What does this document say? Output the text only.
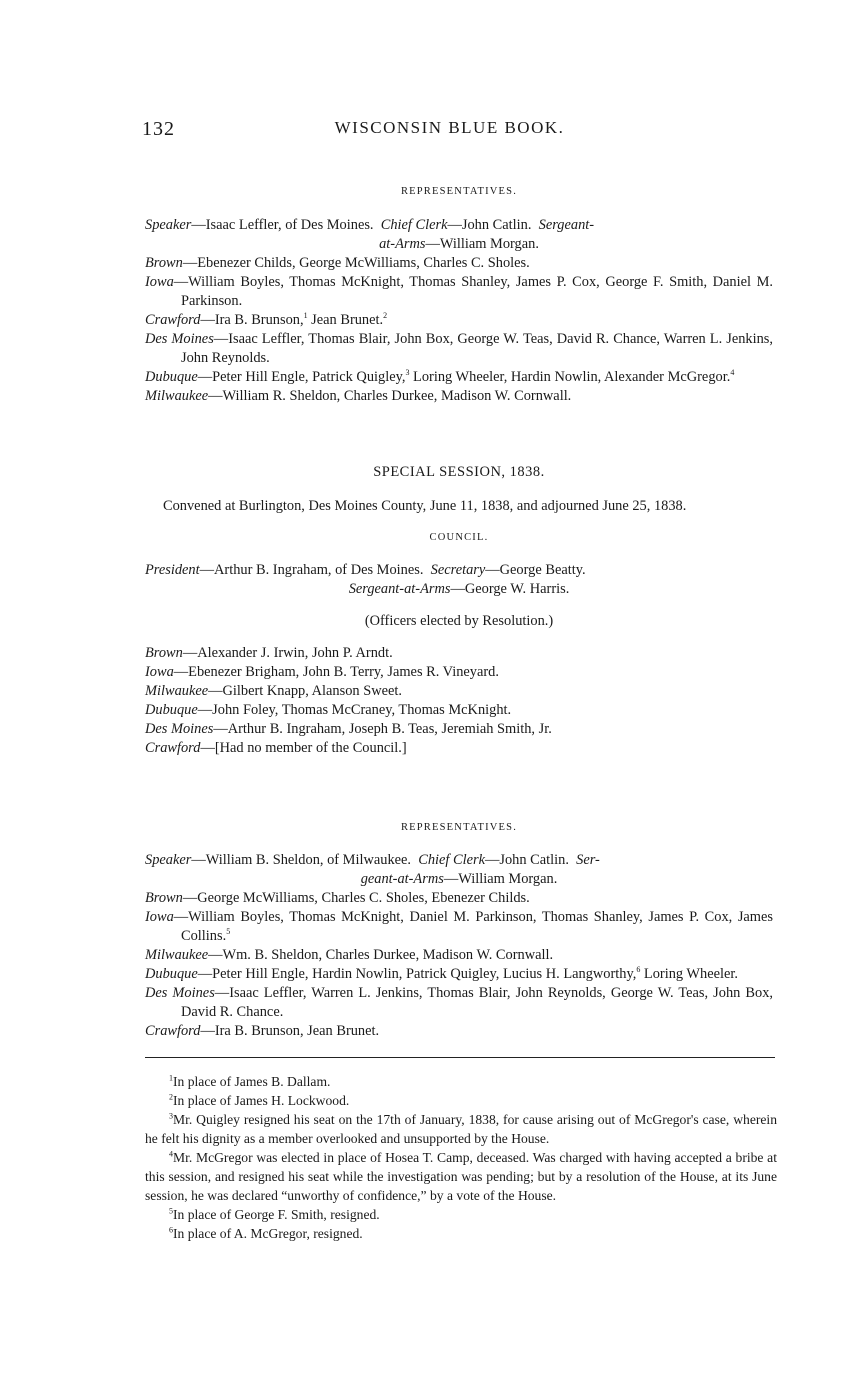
132	WISCONSIN BLUE BOOK.

REPRESENTATIVES.

Speaker—Isaac Leffler, of Des Moines. Chief Clerk—John Catlin. Sergeant-

at-Arms—William Morgan.

Brown—Ebenezer Childs, George McWilliams, Charles C. Sholes.

Iowa—William Boyles, Thomas McKnight, Thomas Shanley, James P. Cox, George F. Smith, Daniel M. Parkinson.

Crawford—Ira B. Brunson,$^1$ Jean Brunet.$^2$

Des Moines—Isaac Leffler, Thomas Blair, John Box, George W. Teas, David R. Chance, Warren L. Jenkins, John Reynolds.

Dubuque—Peter Hill Engle, Patrick Quigley,$^3$ Loring Wheeler, Hardin Nowlin, Alexander McGregor.$^4$

Milwaukee—William R. Sheldon, Charles Durkee, Madison W. Cornwall.

SPECIAL SESSION, 1838.

Convened at Burlington, Des Moines County, June 11, 1838, and adjourned June 25, 1838.

COUNCIL.

President—Arthur B. Ingraham, of Des Moines. Secretary—George Beatty.

Sergeant-at-Arms—George W. Harris.

(Officers elected by Resolution.)

Brown—Alexander J. Irwin, John P. Arndt.

Iowa—Ebenezer Brigham, John B. Terry, James R. Vineyard.

Milwaukee—Gilbert Knapp, Alanson Sweet.

Dubuque—John Foley, Thomas McCraney, Thomas McKnight.

Des Moines—Arthur B. Ingraham, Joseph B. Teas, Jeremiah Smith, Jr.

Crawford—[Had no member of the Council.]

REPRESENTATIVES.

Speaker—William B. Sheldon, of Milwaukee. Chief Clerk—John Catlin. Ser-

geant-at-Arms—William Morgan.

Brown—George McWilliams, Charles C. Sholes, Ebenezer Childs.

Iowa—William Boyles, Thomas McKnight, Daniel M. Parkinson, Thomas Shanley, James P. Cox, James Collins.$^5$

Milwaukee—Wm. B. Sheldon, Charles Durkee, Madison W. Cornwall.

Dubuque—Peter Hill Engle, Hardin Nowlin, Patrick Quigley, Lucius H. Langworthy,$^6$ Loring Wheeler.

Des Moines—Isaac Leffler, Warren L. Jenkins, Thomas Blair, John Reynolds, George W. Teas, John Box, David R. Chance.

Crawford—Ira B. Brunson, Jean Brunet.

$^1$In place of James B. Dallam.

$^2$In place of James H. Lockwood.

$^3$Mr. Quigley resigned his seat on the 17th of January, 1838, for cause arising out of McGregor's case, wherein he felt his dignity as a member overlooked and unsupported by the House.

$^4$Mr. McGregor was elected in place of Hosea T. Camp, deceased. Was charged with having accepted a bribe at this session, and resigned his seat while the investigation was pending; but by a resolution of the House, at its June session, he was declared “unworthy of confidence,” by a vote of the House.

$^5$In place of George F. Smith, resigned.

$^6$In place of A. McGregor, resigned.
